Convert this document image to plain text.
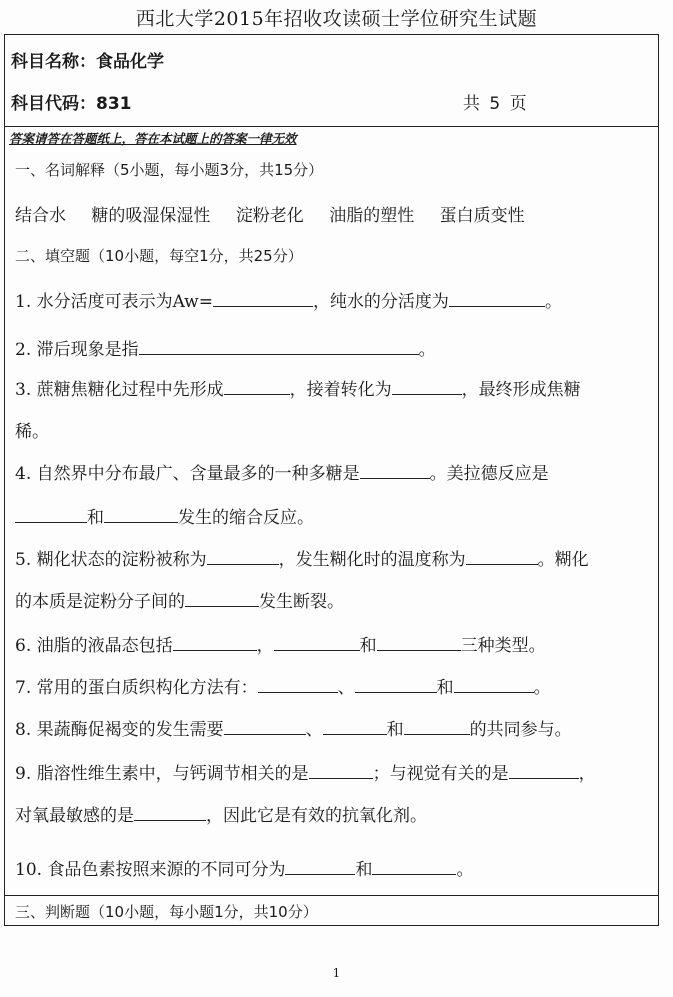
西北大学2015年招收攻读硕士学位研究生试题
科目名称：食品化学
科目代码：831	共 5 页
答案请答在答题纸上，答在本试题上的答案一律无效
一、名词解释（5小题，每小题3分，共15分）
结合水 糖的吸湿保湿性 淀粉老化 油脂的塑性 蛋白质变性
二、填空题（10小题，每空1分，共25分）
1. 水分活度可表示为Aw=	，纯水的分活度为	。
2. 滞后现象是指	。
3. 蔗糖焦糖化过程中先形成	，接着转化为	，最终形成焦糖
稀。
4. 自然界中分布最广、含量最多的一种多糖是	。美拉德反应是
和	发生的缩合反应。
5. 糊化状态的淀粉被称为	，发生糊化时的温度称为	。糊化
的本质是淀粉分子间的	发生断裂。
6. 油脂的液晶态包括	，	和	三种类型。
7. 常用的蛋白质织构化方法有：	、	和	。
8. 果蔬酶促褐变的发生需要	、	和	的共同参与。
9. 脂溶性维生素中，与钙调节相关的是	；与视觉有关的是	，
对氧最敏感的是	，因此它是有效的抗氧化剂。
10. 食品色素按照来源的不同可分为	和	。
三、判断题（10小题，每小题1分，共10分）
1
